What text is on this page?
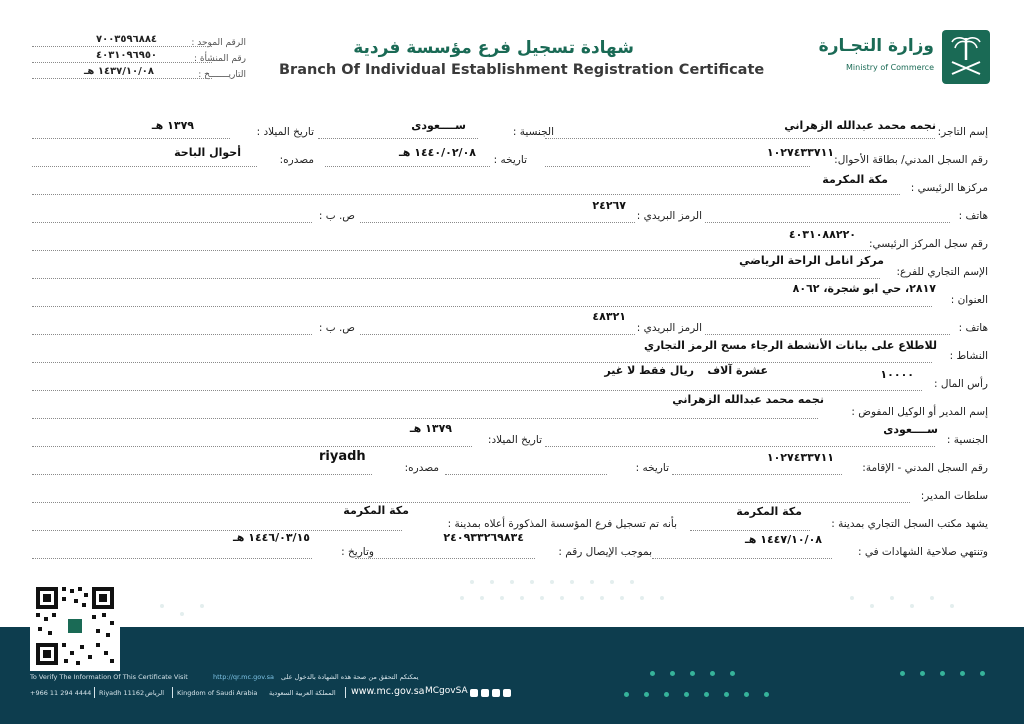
وزارة التجـارة
Ministry of Commerce
شهادة تسجيل فرع مؤسسة فردية
Branch Of Individual Establishment Registration Certificate
الرقم الموحد :
٧٠٠٣٥٩٦٨٨٤
رقم المنشأة :
٤٠٣١٠٩٦٩٥٠
التاريـــــــخ :
١٤٣٧/١٠/٠٨ هـ
إسم التاجر:
نجمه محمد عبدالله الزهراني
الجنسية :
ســــعودى
تاريخ الميلاد :
١٣٧٩ هـ
رقم السجل المدني/ بطاقة الأحوال:
١٠٢٧٤٣٣٧١١
تاريخه :
١٤٤٠/٠٢/٠٨ هـ
مصدره:
أحوال الباحة
مركزها الرئيسي :
مكة المكرمة
هاتف :
الرمز البريدي :
٢٤٢٦٧
ص. ب :
رقم سجل المركز الرئيسي:
٤٠٣١٠٨٨٢٢٠
الإسم التجاري للفرع:
مركز انامل الراحة الرياضي
العنوان :
٢٨١٧، حي ابو شجرة، ٨٠٦٢
هاتف :
الرمز البريدي :
٤٨٣٢١
ص. ب :
النشاط :
للاطلاع على بيانات الأنشطة الرجاء مسح الرمز التجاري
رأس المال :
١٠٠٠٠
عشرة آلاف
ريال فقط لا غير
إسم المدير أو الوكيل المفوض :
نجمه محمد عبدالله الزهراني
الجنسية :
ســــعودى
تاريخ الميلاد:
١٣٧٩ هـ
رقم السجل المدني - الإقامة:
١٠٢٧٤٣٣٧١١
تاريخه :
مصدره:
riyadh
سلطات المدير:
يشهد مكتب السجل التجاري بمدينة :
مكة المكرمة
بأنه تم تسجيل فرع المؤسسة المذكورة أعلاه بمدينة :
مكة المكرمة
وتنتهي صلاحية الشهادات في :
١٤٤٧/١٠/٠٨ هـ
بموجب الإيصال رقم :
٢٤٠٩٣٣٢٦٩٨٣٤
وتاريخ :
١٤٤٦/٠٣/١٥ هـ
To Verify The Information Of This Certificate Visit	http://qr.mc.gov.sa يمكنكم التحقق من صحة هذه الشهادة بالدخول على
+966 11 294 4444 Riyadh 11162 الرياض Kingdom of Saudi Arabia المملكة العربية السعودية www.mc.gov.sa MCgovSA
